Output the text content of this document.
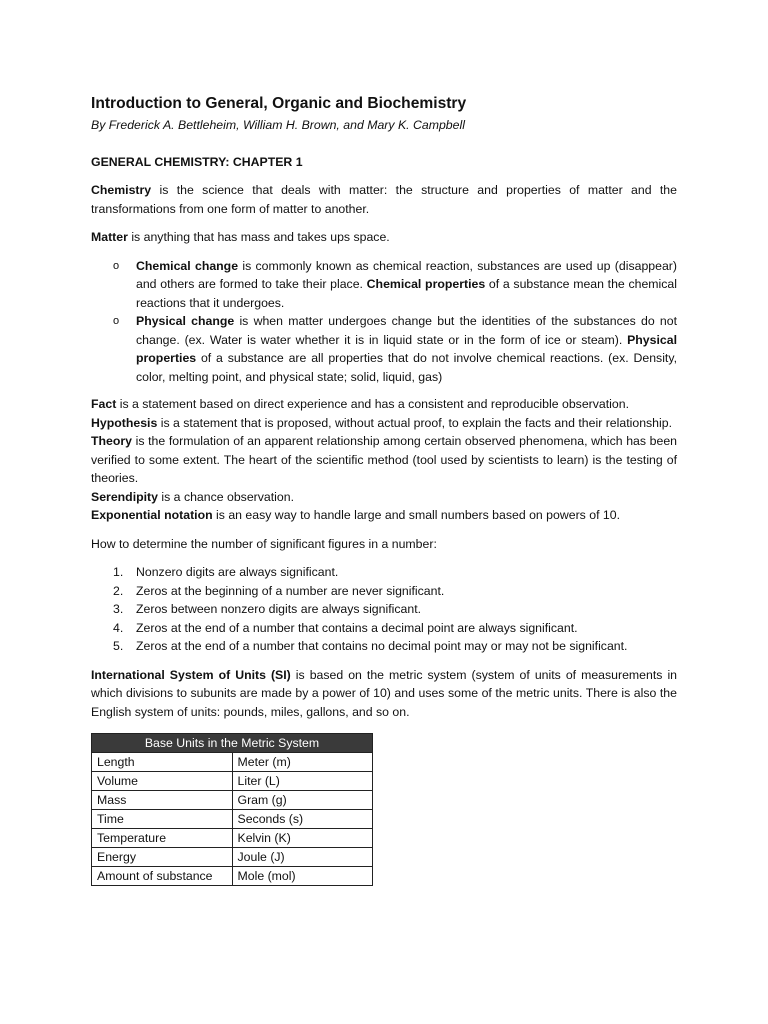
Introduction to General, Organic and Biochemistry

By Frederick A. Bettleheim, William H. Brown, and Mary K. Campbell

GENERAL CHEMISTRY: CHAPTER 1

Chemistry is the science that deals with matter: the structure and properties of matter and the transformations from one form of matter to another.

Matter is anything that has mass and takes ups space.

o Chemical change is commonly known as chemical reaction, substances are used up (disappear) and others are formed to take their place. Chemical properties of a substance mean the chemical reactions that it undergoes.
o Physical change is when matter undergoes change but the identities of the substances do not change. (ex. Water is water whether it is in liquid state or in the form of ice or steam). Physical properties of a substance are all properties that do not involve chemical reactions. (ex. Density, color, melting point, and physical state; solid, liquid, gas)

Fact is a statement based on direct experience and has a consistent and reproducible observation.

Hypothesis is a statement that is proposed, without actual proof, to explain the facts and their relationship.

Theory is the formulation of an apparent relationship among certain observed phenomena, which has been verified to some extent. The heart of the scientific method (tool used by scientists to learn) is the testing of theories.

Serendipity is a chance observation.

Exponential notation is an easy way to handle large and small numbers based on powers of 10.

How to determine the number of significant figures in a number:

1. Nonzero digits are always significant.
2. Zeros at the beginning of a number are never significant.
3. Zeros between nonzero digits are always significant.
4. Zeros at the end of a number that contains a decimal point are always significant.
5. Zeros at the end of a number that contains no decimal point may or may not be significant.

International System of Units (SI) is based on the metric system (system of units of measurements in which divisions to subunits are made by a power of 10) and uses some of the metric units. There is also the English system of units: pounds, miles, gallons, and so on.

Base Units in the Metric System	
Length	Meter (m)
Volume	Liter (L)
Mass	Gram (g)
Time	Seconds (s)
Temperature	Kelvin (K)
Energy	Joule (J)
Amount of substance	Mole (mol)
